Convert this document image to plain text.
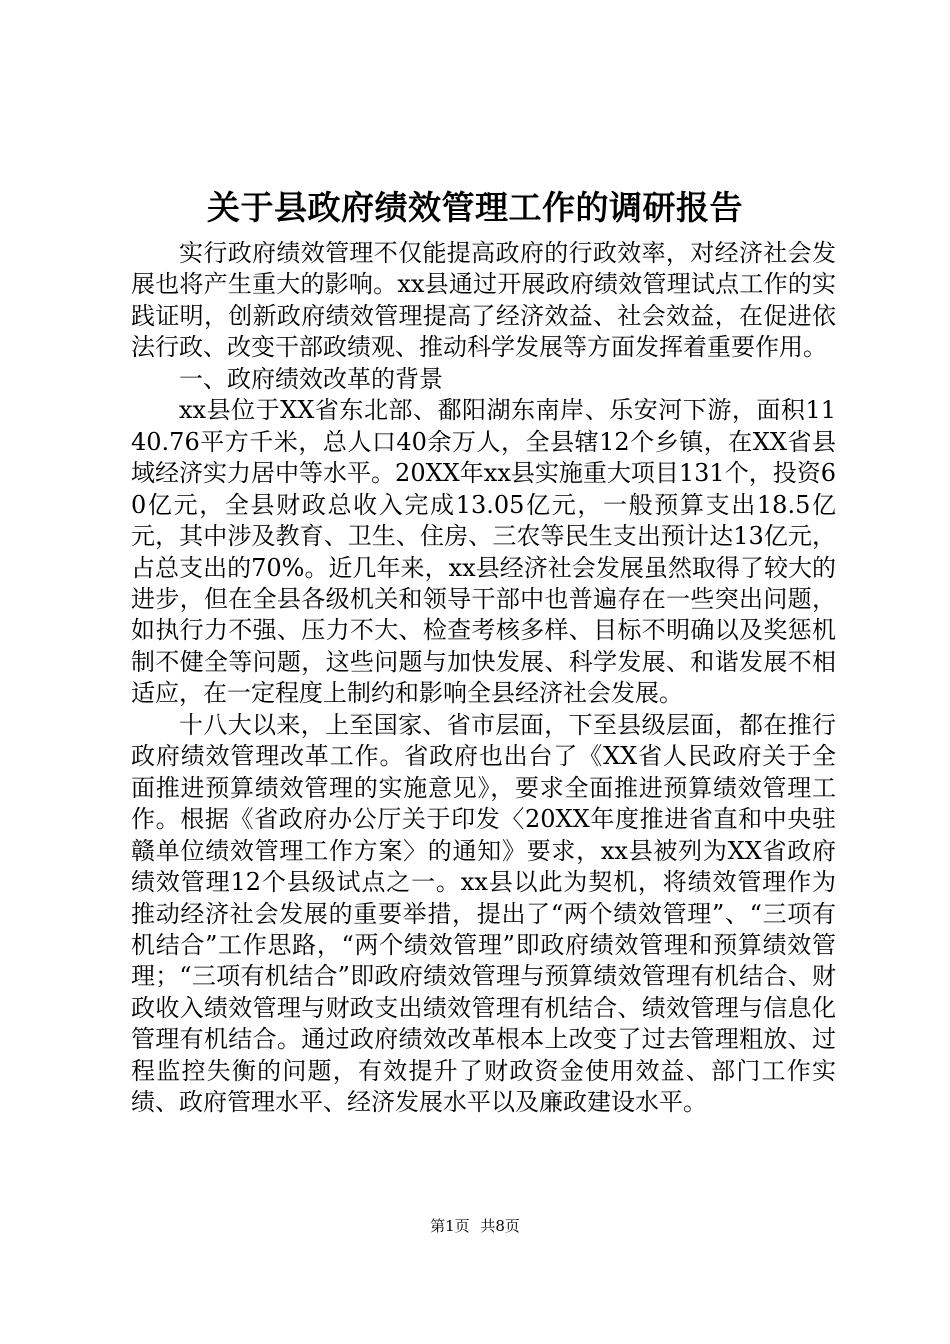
关于县政府绩效管理工作的调研报告

实行政府绩效管理不仅能提高政府的行政效率，对经济社会发展也将产生重大的影响。xx县通过开展政府绩效管理试点工作的实践证明，创新政府绩效管理提高了经济效益、社会效益，在促进依法行政、改变干部政绩观、推动科学发展等方面发挥着重要作用。

一、政府绩效改革的背景

xx县位于XX省东北部、鄱阳湖东南岸、乐安河下游，面积1140.76平方千米，总人口40余万人，全县辖12个乡镇，在XX省县域经济实力居中等水平。20XX年xx县实施重大项目131个，投资60亿元，全县财政总收入完成13.05亿元，一般预算支出18.5亿元，其中涉及教育、卫生、住房、三农等民生支出预计达13亿元，占总支出的70%。近几年来，xx县经济社会发展虽然取得了较大的进步，但在全县各级机关和领导干部中也普遍存在一些突出问题，如执行力不强、压力不大、检查考核多样、目标不明确以及奖惩机制不健全等问题，这些问题与加快发展、科学发展、和谐发展不相适应，在一定程度上制约和影响全县经济社会发展。

十八大以来，上至国家、省市层面，下至县级层面，都在推行政府绩效管理改革工作。省政府也出台了《XX省人民政府关于全面推进预算绩效管理的实施意见》，要求全面推进预算绩效管理工作。根据《省政府办公厅关于印发〈20XX年度推进省直和中央驻赣单位绩效管理工作方案〉的通知》要求，xx县被列为XX省政府绩效管理12个县级试点之一。xx县以此为契机，将绩效管理作为推动经济社会发展的重要举措，提出了“两个绩效管理”、“三项有机结合”工作思路，“两个绩效管理”即政府绩效管理和预算绩效管理；“三项有机结合”即政府绩效管理与预算绩效管理有机结合、财政收入绩效管理与财政支出绩效管理有机结合、绩效管理与信息化管理有机结合。通过政府绩效改革根本上改变了过去管理粗放、过程监控失衡的问题，有效提升了财政资金使用效益、部门工作实绩、政府管理水平、经济发展水平以及廉政建设水平。

第1页 共8页
